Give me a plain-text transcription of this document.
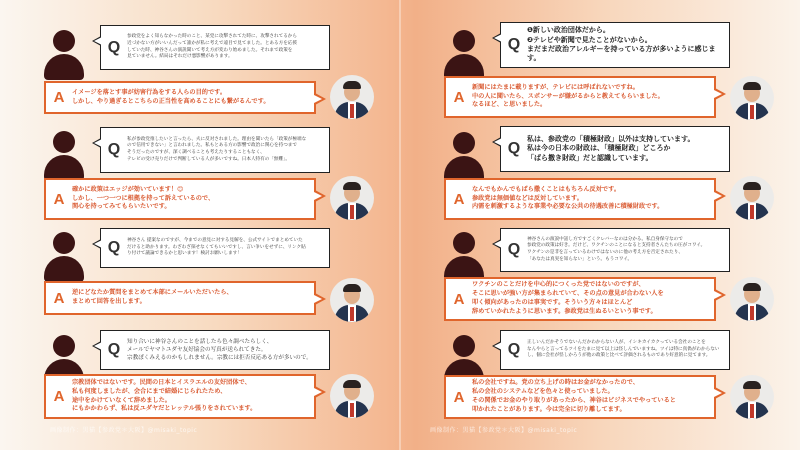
Q
参政党をよく知らなかった時のこと、某党に攻撃されてた時に、攻撃されてるから
近づかない方がいいんだって誰かが私に考えで遠目で見てました。とある方を応援
していた時、神谷さんの演説聞いて考え方が変わり始めました。それまで政策を
見ていません。結局はそれだけ悪影響があります。
A	イメージを落とす事が妨害行為をする人らの目的です。
しかし、やり過ぎるとこちらの正当性を高めることにも繋がるんです。
Q
私が参政党推したいと言ったら、夫に反対されました。理由を聞いたら「政策が極端な
ので信用できない」と言われました。私もとある方の影響で政治に関心を持つまで
そうだったのですが、深く調べることも考えたりすることもなく、
テレビの受け売りだけで判断している人が多いですね。日本人特有の「無難」。
A
確かに政策はエッジが効いています！😊
しかし、一つ一つに根拠を持って訴えているので、
関心を持ってみてもらいたいです。
Q	神谷さん 提案なのですが、今までの意見に対する見解を、公式サイトでまとめていた
だけると助かります。わざわざ探せなくてもいいですし、言い争いをせずに、リンク貼
り付けて議論できるかと思います！検討お願いします！
A	逆にどなたか質問をまとめて本部にメールいただいたら、
まとめて回答を出します。
Q	知り合いに神谷さんのことを話したら色々調べたらしく、
メールでヤマトユダヤ友好協会の写真が送られてきた。
宗教ぽくみえるのかもしれません。宗教には拒否反応ある方が多いので。
A
宗教団体ではないです。民間の日本とイスラエルの友好団体で、
私も何度しましたが、会合にまで結婚にじられたため、
途中をかけていなくて辞めました。
にもかかわらず、私は反ユダヤだとレッテル張りをされています。
画像制作：黒猫【参政党＊大阪】@misaki_topic
Q
❶新しい政治団体だから。
❷テレビや新聞で見たことがないから。
まだまだ政治アレルギーを持っている方が多いように感じます。
A
新聞にはたまに載りますが、テレビには呼ばれないですね。
中の人に聞いたら、スポンサーが嫌がるからと教えてもらいました。
なるほど、と思いました。
Q
私は、参政党の「積極財政」以外は支持しています。
私は今の日本の財政は、「積極財政」どころか
「ばら撒き財政」だと認識しています。
A
なんでもかんでもばら撒くことはもちろん反対です。
参政党は無価値などは反対しています。
内需を刺激するような事業や必要な公共の待遇改善に積極財政です。
Q
神谷さんの演説中話し方ですごくクレバーなのは分かる。私自身保守なので
参政党の政策は好き。だけど、ワクチンのことになると支持者さんたちの圧がコワイ。
ワクチンの是非を言っているわけではないのに他の考え方を否定されたり、
「あなたは真実を知らない」という。もうコワイ。
A
ワクチンのことだけを中心的につくった党ではないのですが、
そこに思いが強い方が集まられていて、その点の意見が合わない人を
叩く傾向があったのは事実です。そういう方々はほとんど
辞めていかれたように思います。参政党は生ぬるいという事です。
Q	正しいんだかそうでないんだかわからない人が、イシキカイカクっている会社のことを
なんやらと言ってるツイをたまに見て以上は怪しんでいますね。ツイは特に真偽がわからない
し、個に会社が怪しかろうが他の政策と比べて評価されるものであり好意的に見てます。
A
私の会社ですね。党の立ち上げの時はお金がなかったので、
私の会社のシステムなどを色々と使っていました。
その関係でお金のやり取りがあったから、神谷はビジネスでやっていると
叩かれたことがあります。今は完全に切り離してます。
画像制作：黒猫【参政党＊大阪】@misaki_topic
